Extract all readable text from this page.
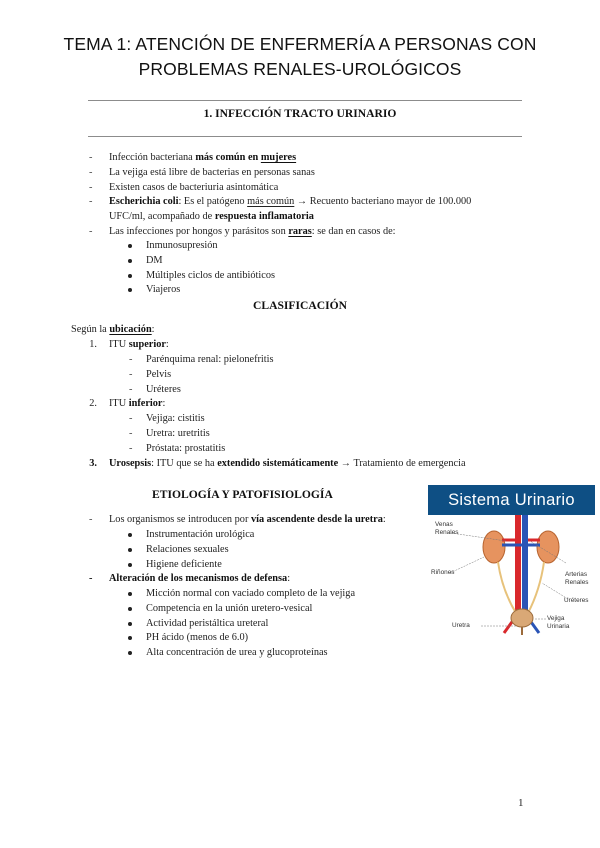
TEMA 1: ATENCIÓN DE ENFERMERÍA A PERSONAS CON
PROBLEMAS RENALES-UROLÓGICOS
1. INFECCIÓN TRACTO URINARIO
- Infección bacteriana más común en mujeres
- La vejiga está libre de bacterias en personas sanas
- Existen casos de bacteriuria asintomática
- Escherichia coli: Es el patógeno más común → Recuento bacteriano mayor de 100.000
UFC/ml, acompañado de respuesta inflamatoria
- Las infecciones por hongos y parásitos son raras: se dan en casos de:
Inmunosupresión
DM
Múltiples ciclos de antibióticos
Viajeros
CLASIFICACIÓN
Según la ubicación:
1. ITU superior:
- Parénquima renal: pielonefritis
- Pelvis
- Uréteres
2. ITU inferior:
- Vejiga: cistitis
- Uretra: uretritis
- Próstata: prostatitis
3. Urosepsis: ITU que se ha extendido sistemáticamente → Tratamiento de emergencia
ETIOLOGÍA Y PATOFISIOLOGÍA
- Los organismos se introducen por vía ascendente desde la uretra:
Instrumentación urológica
Relaciones sexuales
Higiene deficiente
- Alteración de los mecanismos de defensa:
Micción normal con vaciado completo de la vejiga
Competencia en la unión uretero-vesical
Actividad peristáltica ureteral
PH ácido (menos de 6.0)
Alta concentración de urea y glucoproteínas
Sistema Urinario
Venas
Renales
Riñones	Arterias
Renales
Uréteres
Uretra
Vejiga
Urinaria
1
